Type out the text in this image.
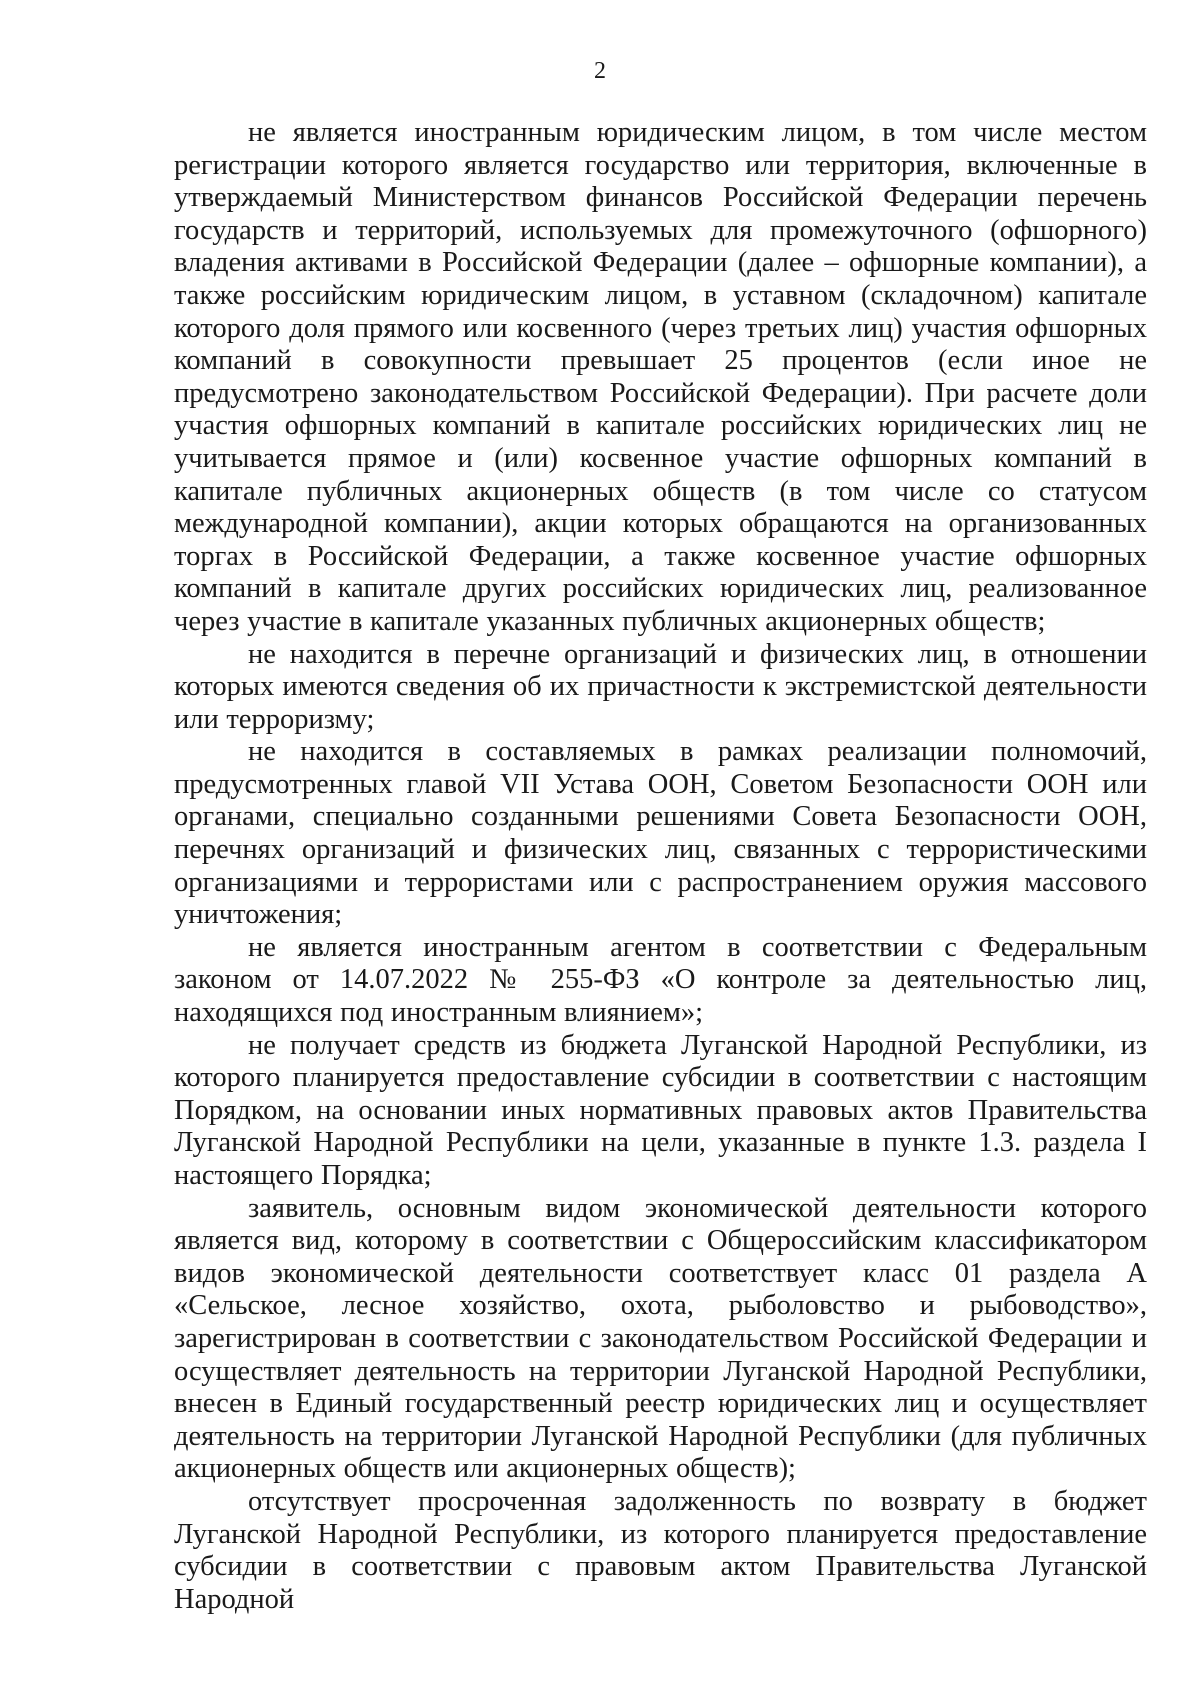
2

не является иностранным юридическим лицом, в том числе местом регистрации которого является государство или территория, включенные в утверждаемый Министерством финансов Российской Федерации перечень государств и территорий, используемых для промежуточного (офшорного) владения активами в Российской Федерации (далее – офшорные компании), а также российским юридическим лицом, в уставном (складочном) капитале которого доля прямого или косвенного (через третьих лиц) участия офшорных компаний в совокупности превышает 25 процентов (если иное не предусмотрено законодательством Российской Федерации). При расчете доли участия офшорных компаний в капитале российских юридических лиц не учитывается прямое и (или) косвенное участие офшорных компаний в капитале публичных акционерных обществ (в том числе со статусом международной компании), акции которых обращаются на организованных торгах в Российской Федерации, а также косвенное участие офшорных компаний в капитале других российских юридических лиц, реализованное через участие в капитале указанных публичных акционерных обществ;

не находится в перечне организаций и физических лиц, в отношении которых имеются сведения об их причастности к экстремистской деятельности или терроризму;

не находится в составляемых в рамках реализации полномочий, предусмотренных главой VII Устава ООН, Советом Безопасности ООН или органами, специально созданными решениями Совета Безопасности ООН, перечнях организаций и физических лиц, связанных с террористическими организациями и террористами или с распространением оружия массового уничтожения;

не является иностранным агентом в соответствии с Федеральным законом от 14.07.2022 № 255-ФЗ «О контроле за деятельностью лиц, находящихся под иностранным влиянием»;

не получает средств из бюджета Луганской Народной Республики, из которого планируется предоставление субсидии в соответствии с настоящим Порядком, на основании иных нормативных правовых актов Правительства Луганской Народной Республики на цели, указанные в пункте 1.3. раздела I настоящего Порядка;

заявитель, основным видом экономической деятельности которого является вид, которому в соответствии с Общероссийским классификатором видов экономической деятельности соответствует класс 01 раздела А «Сельское, лесное хозяйство, охота, рыболовство и рыбоводство», зарегистрирован в соответствии с законодательством Российской Федерации и осуществляет деятельность на территории Луганской Народной Республики, внесен в Единый государственный реестр юридических лиц и осуществляет деятельность на территории Луганской Народной Республики (для публичных акционерных обществ или акционерных обществ);

отсутствует просроченная задолженность по возврату в бюджет Луганской Народной Республики, из которого планируется предоставление субсидии в соответствии с правовым актом Правительства Луганской Народной
